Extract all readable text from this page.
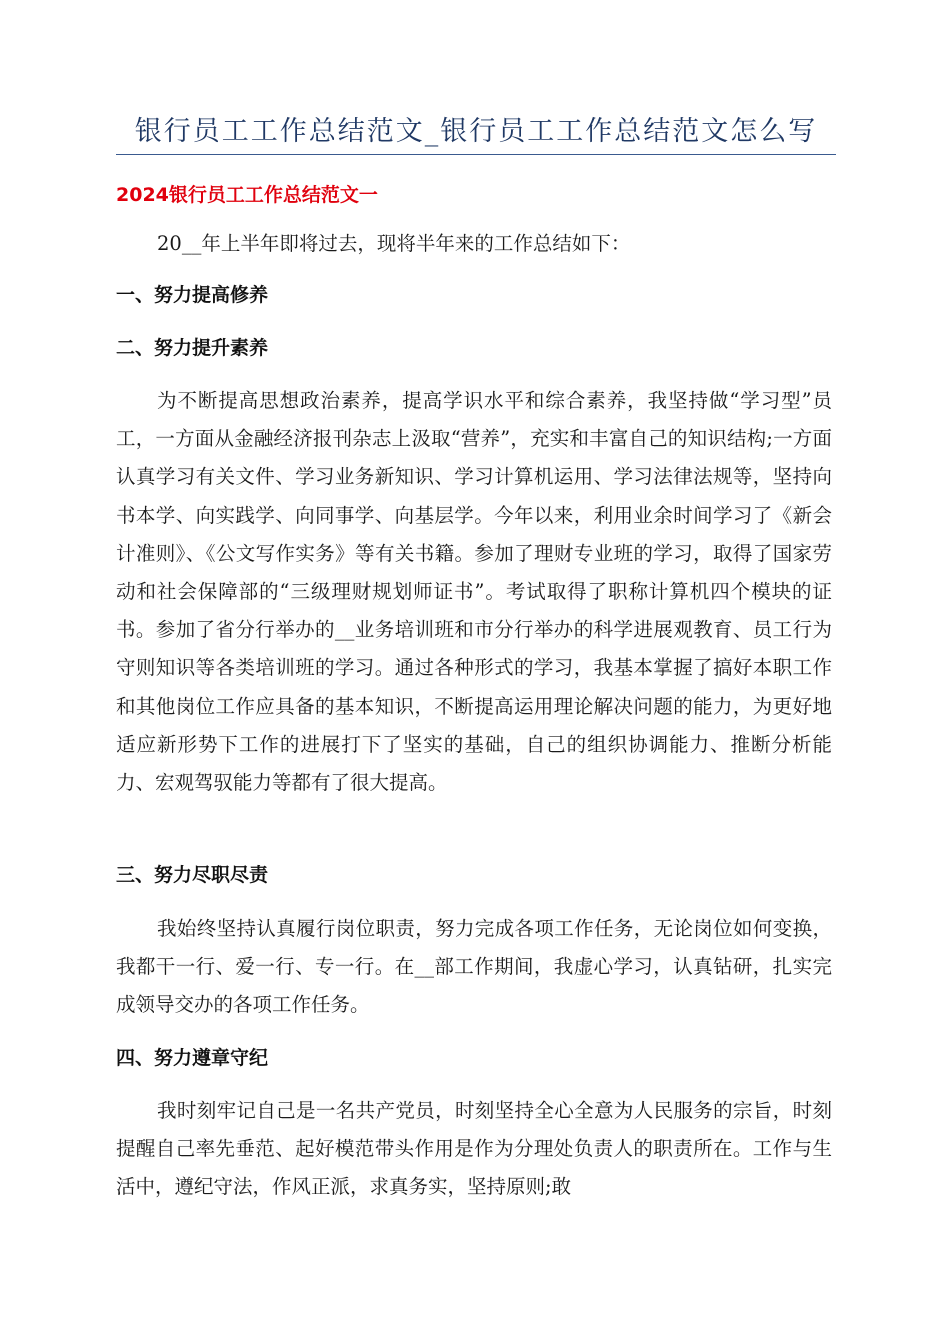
银行员工工作总结范文_银行员工工作总结范文怎么写
2024银行员工工作总结范文一

20__年上半年即将过去，现将半年来的工作总结如下：

一、努力提高修养
二、努力提升素养

为不断提高思想政治素养，提高学识水平和综合素养，我坚持做“学习型”员工，一方面从金融经济报刊杂志上汲取“营养”，充实和丰富自己的知识结构;一方面认真学习有关文件、学习业务新知识、学习计算机运用、学习法律法规等，坚持向书本学、向实践学、向同事学、向基层学。今年以来，利用业余时间学习了《新会计准则》、《公文写作实务》等有关书籍。参加了理财专业班的学习，取得了国家劳动和社会保障部的“三级理财规划师证书”。考试取得了职称计算机四个模块的证书。参加了省分行举办的__业务培训班和市分行举办的科学进展观教育、员工行为守则知识等各类培训班的学习。通过各种形式的学习，我基本掌握了搞好本职工作和其他岗位工作应具备的基本知识，不断提高运用理论解决问题的能力，为更好地适应新形势下工作的进展打下了坚实的基础，自己的组织协调能力、推断分析能力、宏观驾驭能力等都有了很大提高。

三、努力尽职尽责

我始终坚持认真履行岗位职责，努力完成各项工作任务，无论岗位如何变换，我都干一行、爱一行、专一行。在__部工作期间，我虚心学习，认真钻研，扎实完成领导交办的各项工作任务。

四、努力遵章守纪

我时刻牢记自己是一名共产党员，时刻坚持全心全意为人民服务的宗旨，时刻提醒自己率先垂范、起好模范带头作用是作为分理处负责人的职责所在。工作与生活中，遵纪守法，作风正派，求真务实，坚持原则;敢
